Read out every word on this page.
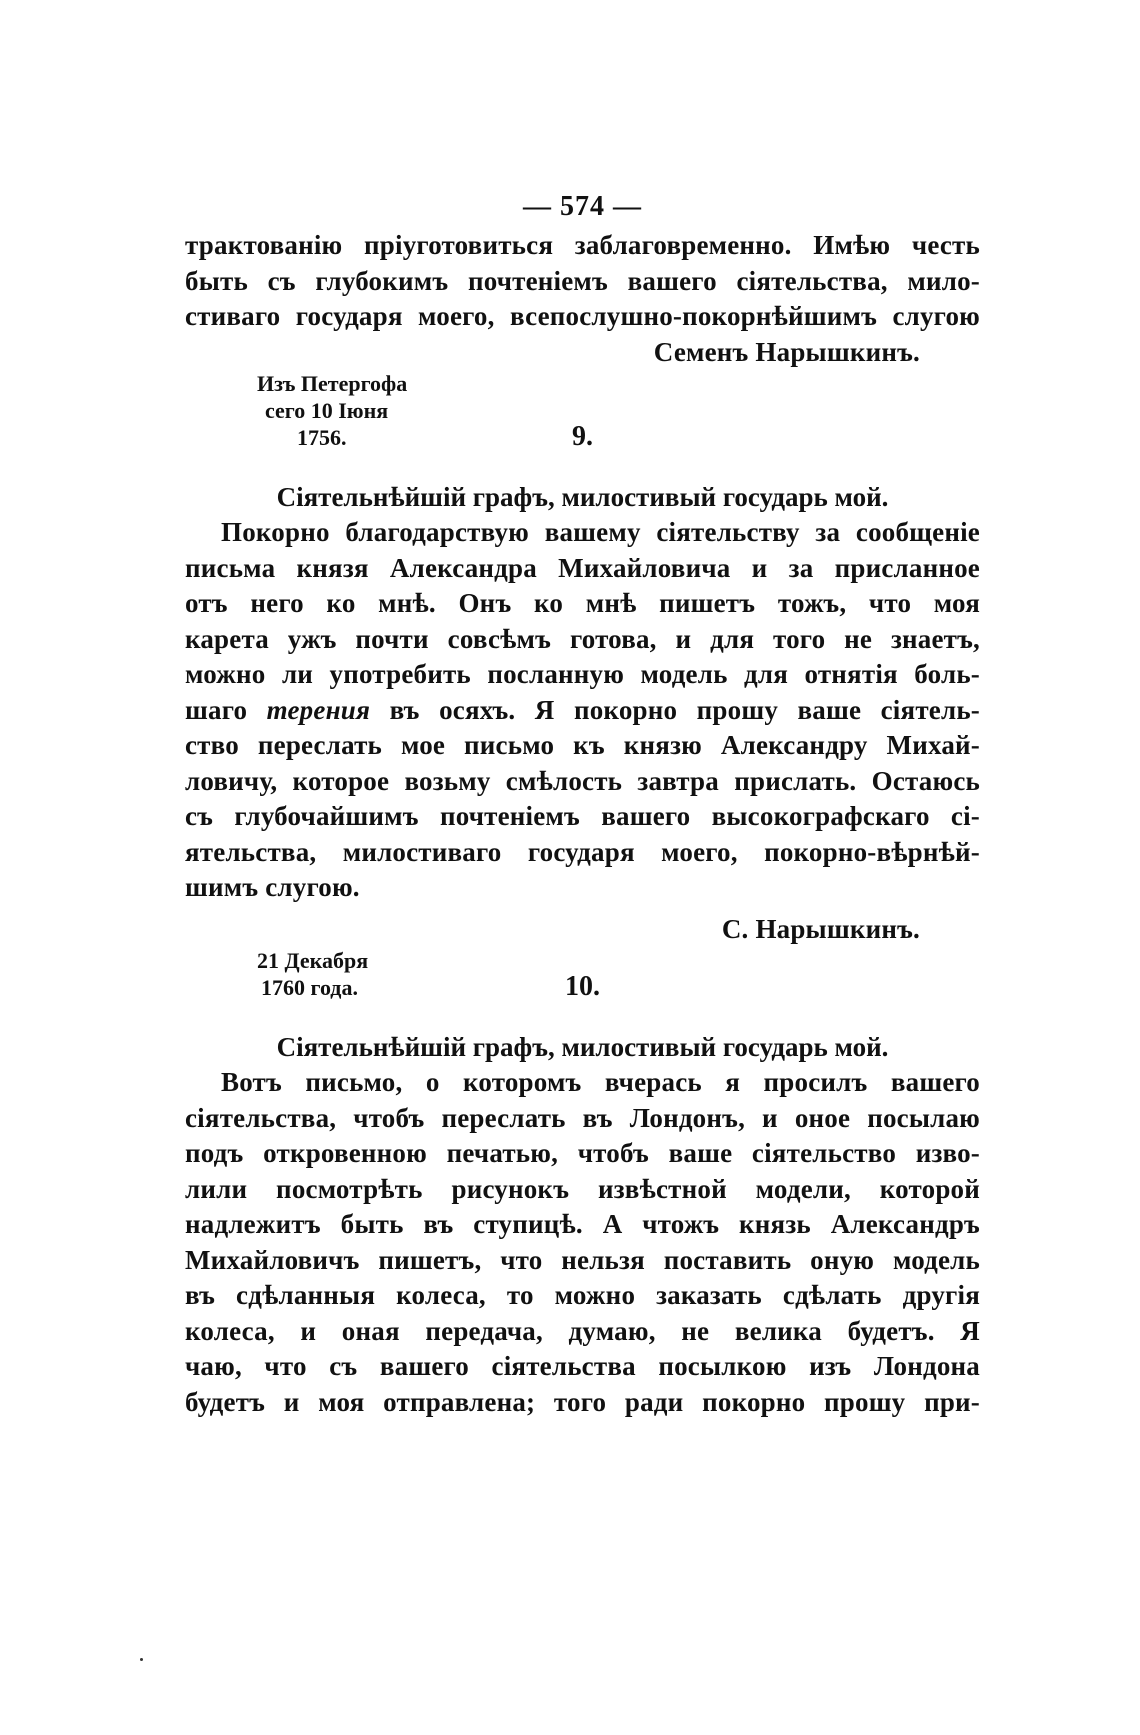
— 574 —
трактованію пріуготовиться заблаговременно. Имѣю честь
быть съ глубокимъ почтеніемъ вашего сіятельства, мило-
стиваго государя моего, всепослушно-покорнѣйшимъ слугою
Семенъ Нарышкинъ.
Изъ Петергофа
сего 10 Іюня
1756.	9.
Сіятельнѣйшій графъ, милостивый государь мой.
Покорно благодарствую вашему сіятельству за сообщеніе
письма князя Александра Михайловича и за присланное
отъ него ко мнѣ. Онъ ко мнѣ пишетъ тожъ, что моя
карета ужъ почти совсѣмъ готова, и для того не знаетъ,
можно ли употребить посланную модель для отнятія боль-
шаго терения въ осяхъ. Я покорно прошу ваше сіятель-
ство переслать мое письмо къ князю Александру Михай-
ловичу, которое возьму смѣлость завтра прислать. Остаюсь
съ глубочайшимъ почтеніемъ вашего высокографскаго сі-
ятельства, милостиваго государя моего, покорно-вѣрнѣй-
шимъ слугою.
С. Нарышкинъ.
21 Декабря
1760 года.	10.
Сіятельнѣйшій графъ, милостивый государь мой.
Вотъ письмо, о которомъ вчерась я просилъ вашего
сіятельства, чтобъ переслать въ Лондонъ, и оное посылаю
подъ откровенною печатью, чтобъ ваше сіятельство изво-
лили посмотрѣть рисунокъ извѣстной модели, которой
надлежитъ быть въ ступицѣ. А чтожъ князь Александръ
Михайловичъ пишетъ, что нельзя поставить оную модель
въ сдѣланныя колеса, то можно заказать сдѣлать другія
колеса, и оная передача, думаю, не велика будетъ. Я
чаю, что съ вашего сіятельства посылкою изъ Лондона
будетъ и моя отправлена; того ради покорно прошу при-
